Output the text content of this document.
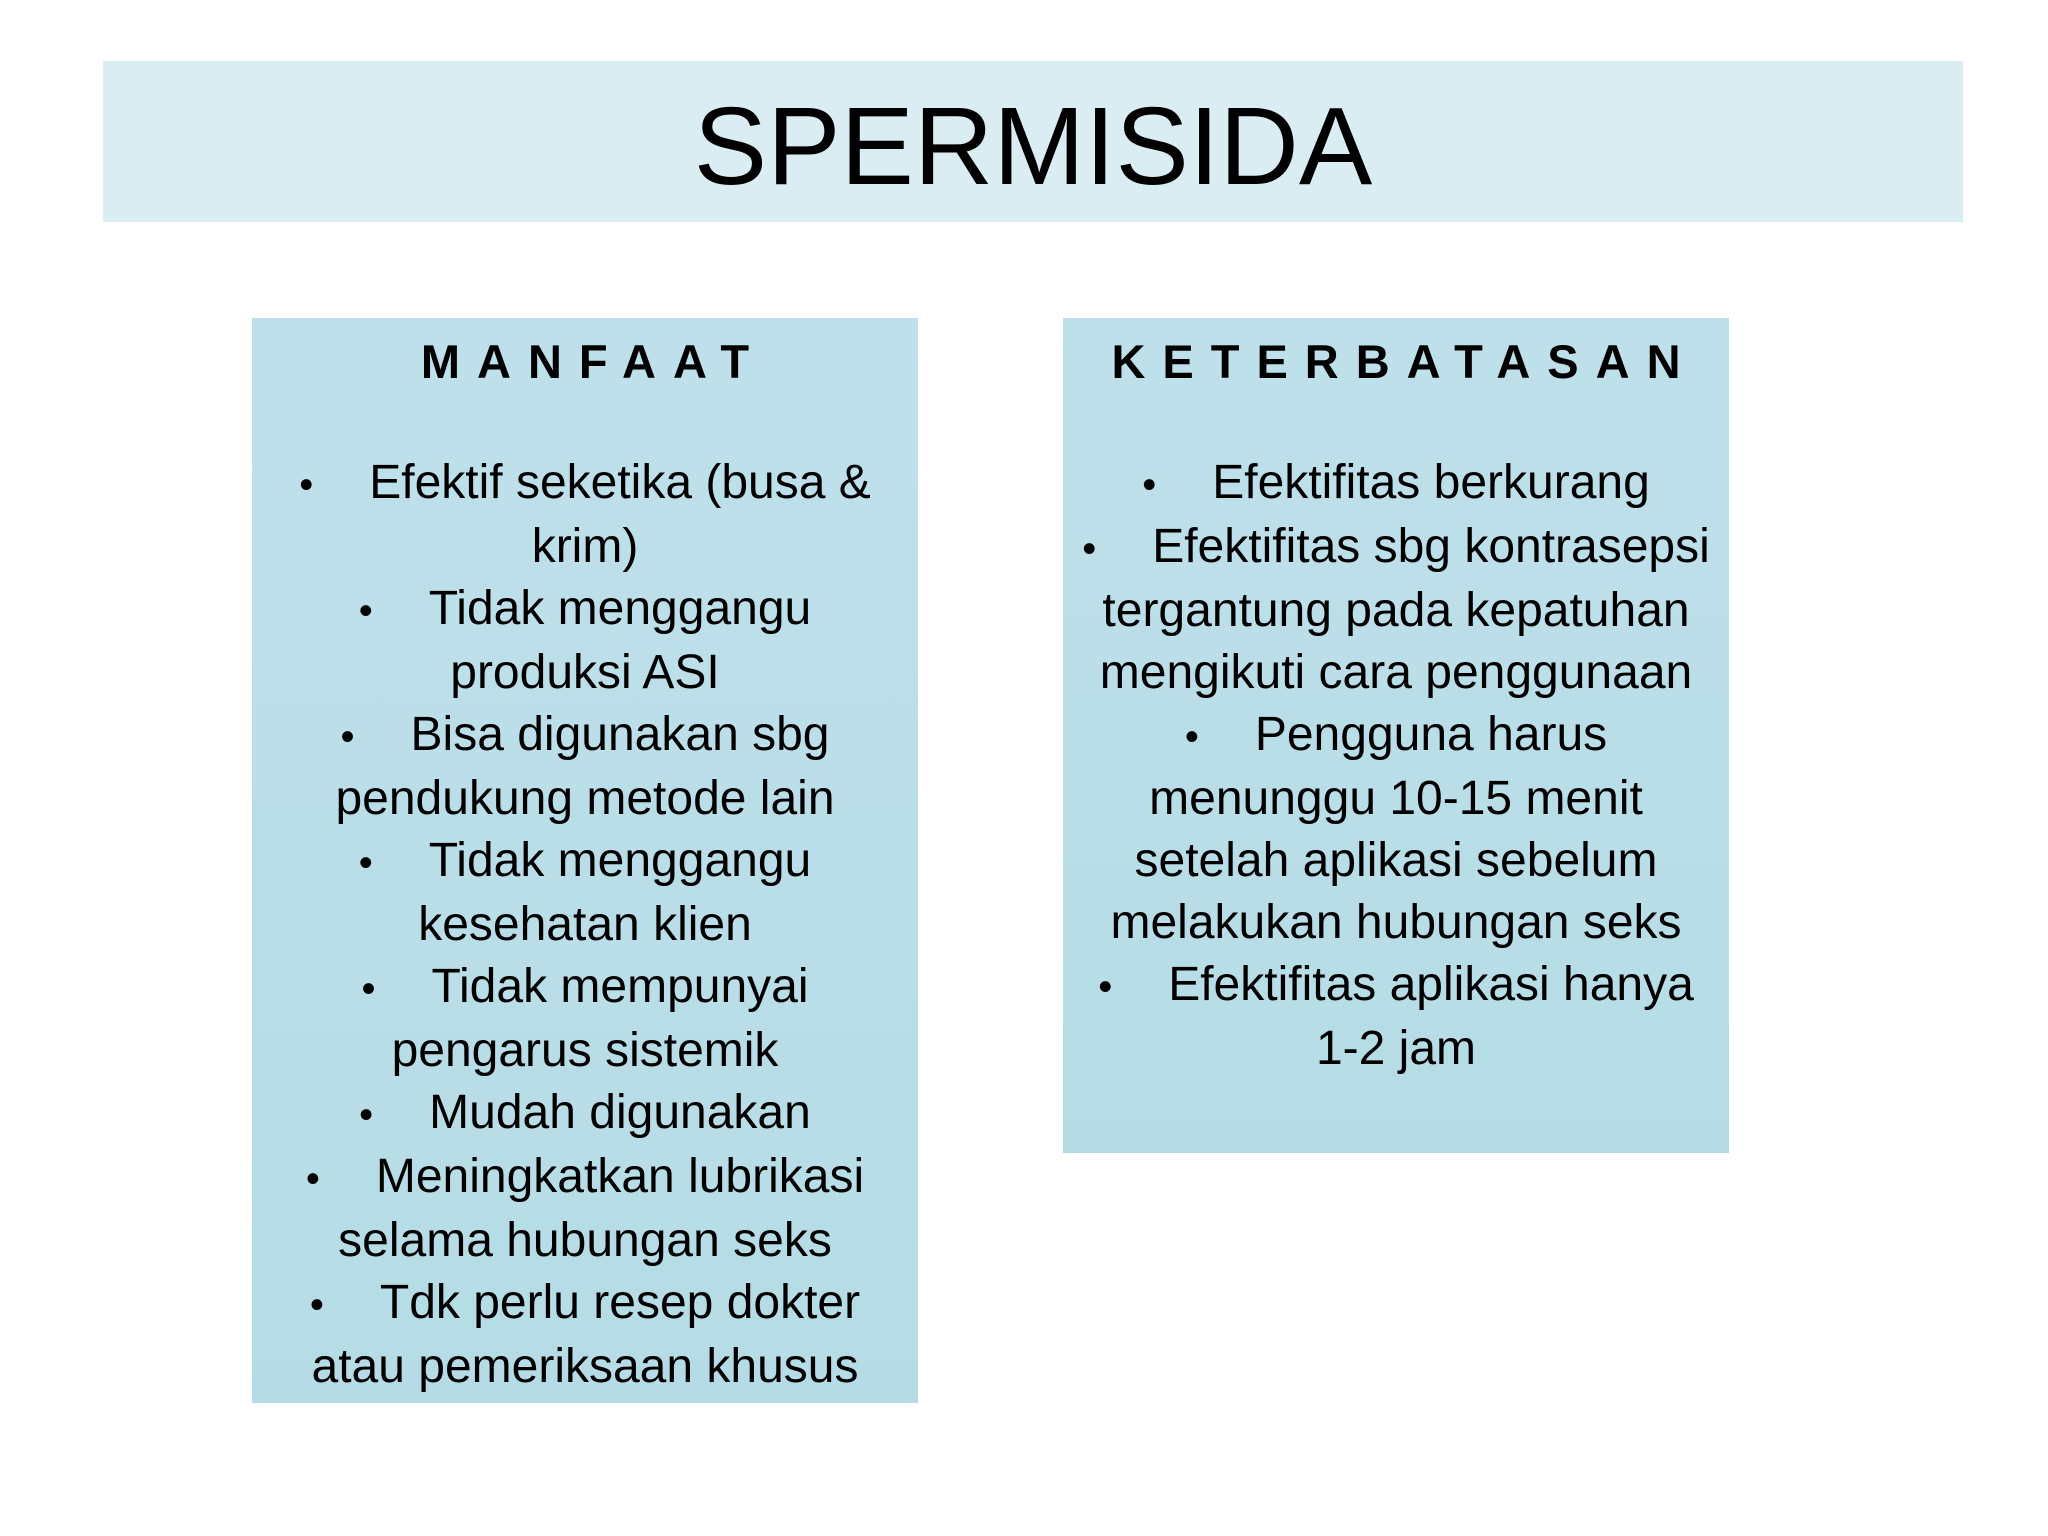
SPERMISIDA
MANFAAT
• Efektif seketika (busa & krim)
• Tidak menggangu produksi ASI
• Bisa digunakan sbg pendukung metode lain
• Tidak menggangu kesehatan klien
• Tidak mempunyai pengarus sistemik
• Mudah digunakan
• Meningkatkan lubrikasi selama hubungan seks
• Tdk perlu resep dokter atau pemeriksaan khusus
KETERBATASAN
• Efektifitas berkurang
• Efektifitas sbg kontrasepsi tergantung pada kepatuhan mengikuti cara penggunaan
• Pengguna harus menunggu 10-15 menit setelah aplikasi sebelum melakukan hubungan seks
• Efektifitas aplikasi hanya 1-2 jam
